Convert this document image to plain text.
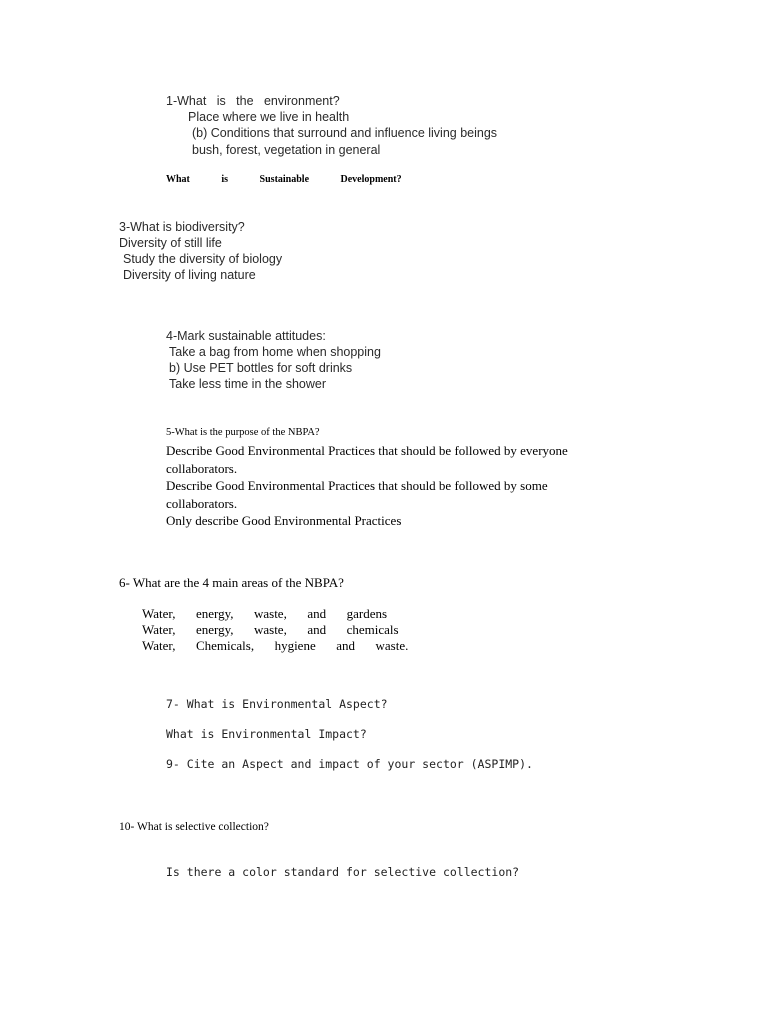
1-What   is   the   environment?
Place where we live in health
(b) Conditions that surround and influence living beings
bush, forest, vegetation in general
What   is   Sustainable   Development?
3-What is biodiversity?
Diversity of still life
Study the diversity of biology
Diversity of living nature
4-Mark sustainable attitudes:
Take a bag from home when shopping
b) Use PET bottles for soft drinks
Take less time in the shower
5-What is the purpose of the NBPA?
Describe Good Environmental Practices that should be followed by everyone
collaborators.
Describe Good Environmental Practices that should be followed by some
collaborators.
Only describe Good Environmental Practices
6- What are the 4 main areas of the NBPA?
Water,  energy,  waste,  and  gardens
Water,  energy,  waste,  and  chemicals
Water,  Chemicals,  hygiene  and  waste.
7- What is Environmental Aspect?
What is Environmental Impact?
9- Cite an Aspect and impact of your sector (ASPIMP).
10- What is selective collection?
Is there a color standard for selective collection?
